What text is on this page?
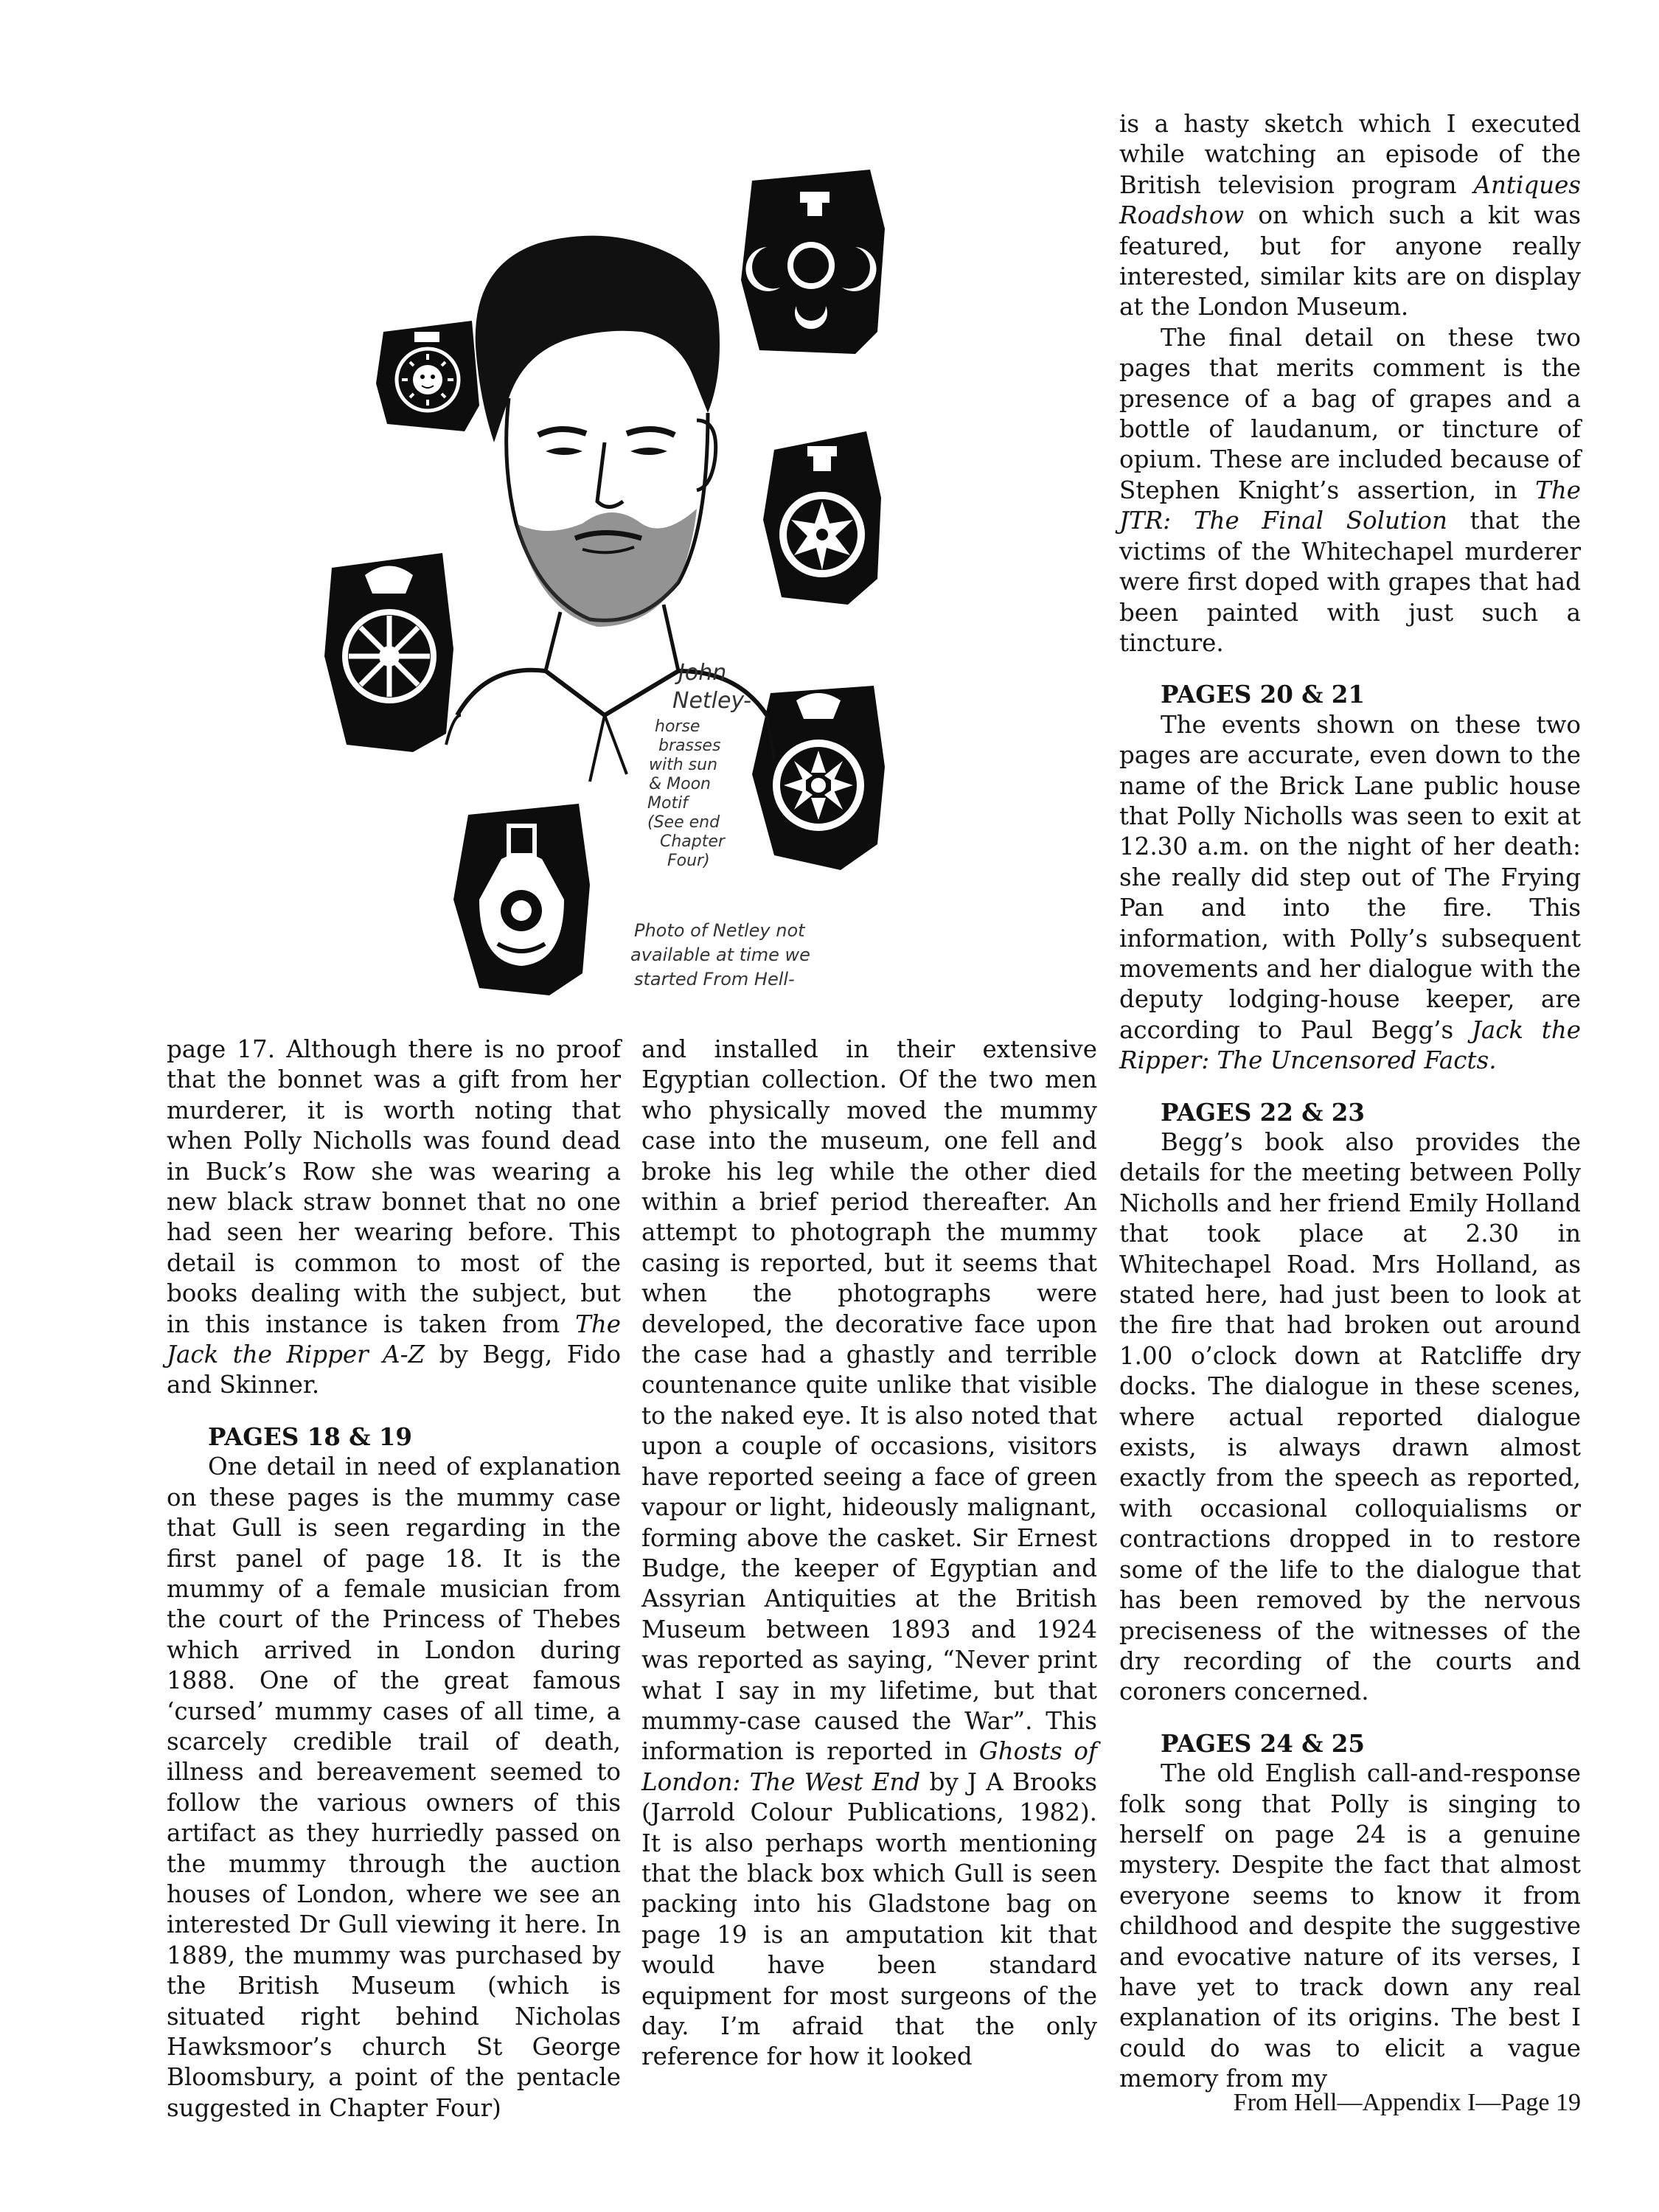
John
Netley-
horse
brasses
with sun
& Moon
Motif
(See end
Chapter
Four)
Photo of Netley not
available at time we
started From Hell-

page 17. Although there is no proof that the bonnet was a gift from her murderer, it is worth noting that when Polly Nicholls was found dead in Buck’s Row she was wearing a new black straw bonnet that no one had seen her wearing before. This detail is common to most of the books dealing with the subject, but in this instance is taken from The Jack the Ripper A-Z by Begg, Fido and Skinner.

PAGES 18 & 19

One detail in need of explanation on these pages is the mummy case that Gull is seen regarding in the first panel of page 18. It is the mummy of a female musician from the court of the Princess of Thebes which arrived in London during 1888. One of the great famous ‘cursed’ mummy cases of all time, a scarcely credible trail of death, illness and bereavement seemed to follow the various owners of this artifact as they hurriedly passed on the mummy through the auction houses of London, where we see an interested Dr Gull viewing it here. In 1889, the mummy was purchased by the British Museum (which is situated right behind Nicholas Hawksmoor’s church St George Bloomsbury, a point of the pentacle suggested in Chapter Four)

and installed in their extensive Egyptian collection. Of the two men who physically moved the mummy case into the museum, one fell and broke his leg while the other died within a brief period thereafter. An attempt to photograph the mummy casing is reported, but it seems that when the photographs were developed, the decorative face upon the case had a ghastly and terrible countenance quite unlike that visible to the naked eye. It is also noted that upon a couple of occasions, visitors have reported seeing a face of green vapour or light, hideously malignant, forming above the casket. Sir Ernest Budge, the keeper of Egyptian and Assyrian Antiquities at the British Museum between 1893 and 1924 was reported as saying, “Never print what I say in my lifetime, but that mummy-case caused the War”. This information is reported in Ghosts of London: The West End by J A Brooks (Jarrold Colour Publications, 1982). It is also perhaps worth mentioning that the black box which Gull is seen packing into his Gladstone bag on page 19 is an amputation kit that would have been standard equipment for most surgeons of the day. I’m afraid that the only reference for how it looked

is a hasty sketch which I executed while watching an episode of the British television program Antiques Roadshow on which such a kit was featured, but for anyone really interested, similar kits are on display at the London Museum.

The final detail on these two pages that merits comment is the presence of a bag of grapes and a bottle of laudanum, or tincture of opium. These are included because of Stephen Knight’s assertion, in The JTR: The Final Solution that the victims of the Whitechapel murderer were first doped with grapes that had been painted with just such a tincture.

PAGES 20 & 21

The events shown on these two pages are accurate, even down to the name of the Brick Lane public house that Polly Nicholls was seen to exit at 12.30 a.m. on the night of her death: she really did step out of The Frying Pan and into the fire. This information, with Polly’s subsequent movements and her dialogue with the deputy lodging-house keeper, are according to Paul Begg’s Jack the Ripper: The Uncensored Facts.

PAGES 22 & 23

Begg’s book also provides the details for the meeting between Polly Nicholls and her friend Emily Holland that took place at 2.30 in Whitechapel Road. Mrs Holland, as stated here, had just been to look at the fire that had broken out around 1.00 o’clock down at Ratcliffe dry docks. The dialogue in these scenes, where actual reported dialogue exists, is always drawn almost exactly from the speech as reported, with occasional colloquialisms or contractions dropped in to restore some of the life to the dialogue that has been removed by the nervous preciseness of the witnesses of the dry recording of the courts and coroners concerned.

PAGES 24 & 25

The old English call-and-response folk song that Polly is singing to herself on page 24 is a genuine mystery. Despite the fact that almost everyone seems to know it from childhood and despite the suggestive and evocative nature of its verses, I have yet to track down any real explanation of its origins. The best I could do was to elicit a vague memory from my

From Hell—Appendix I—Page 19
